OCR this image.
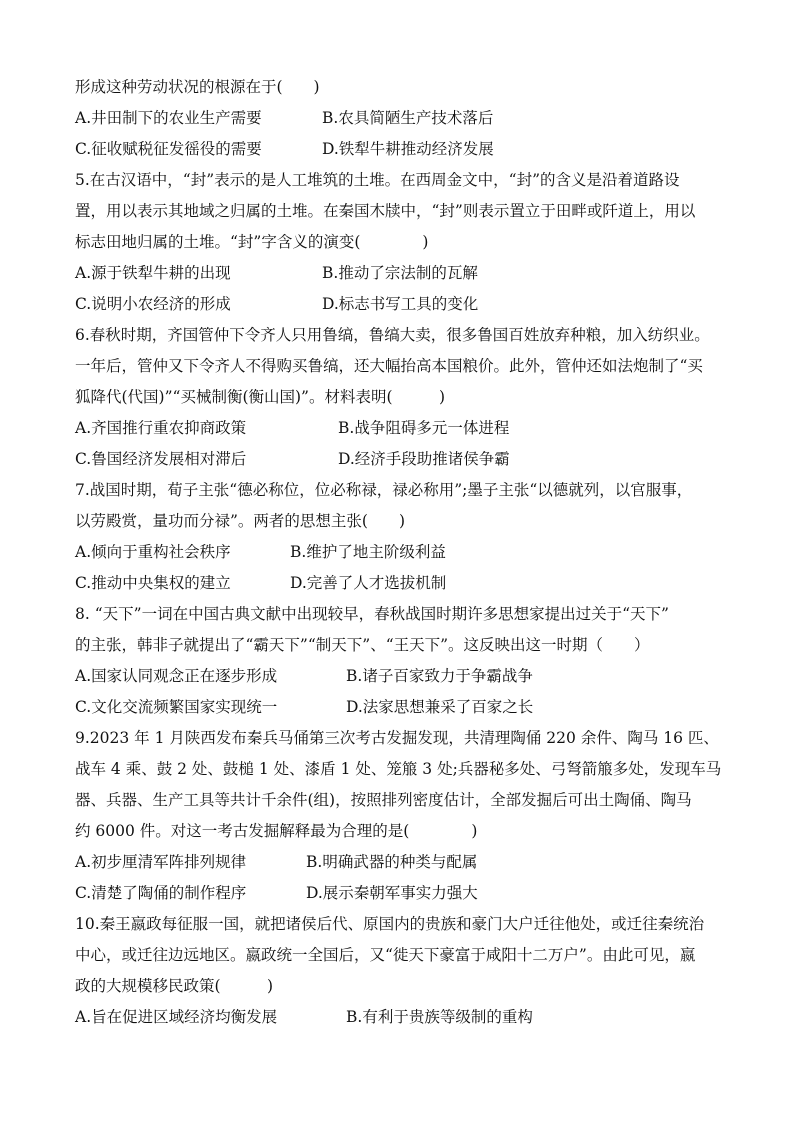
形成这种劳动状况的根源在于(　　)
A.井田制下的农业生产需要	B.农具简陋生产技术落后
C.征收赋税征发徭役的需要	D.铁犁牛耕推动经济发展
5.在古汉语中，“封”表示的是人工堆筑的土堆。在西周金文中，“封”的含义是沿着道路设
置，用以表示其地域之归属的土堆。在秦国木牍中，“封”则表示置立于田畔或阡道上，用以
标志田地归属的土堆。“封”字含义的演变(　　　　)
A.源于铁犁牛耕的出现	B.推动了宗法制的瓦解
C.说明小农经济的形成	D.标志书写工具的变化
6.春秋时期，齐国管仲下令齐人只用鲁缟，鲁缟大卖，很多鲁国百姓放弃种粮，加入纺织业。
一年后，管仲又下令齐人不得购买鲁缟，还大幅抬高本国粮价。此外，管仲还如法炮制了“买
狐降代(代国)”“买械制衡(衡山国)”。材料表明(　　　)
A.齐国推行重农抑商政策	B.战争阻碍多元一体进程
C.鲁国经济发展相对滞后	D.经济手段助推诸侯争霸
7.战国时期，荀子主张“德必称位，位必称禄，禄必称用”;墨子主张“以德就列，以官服事，
以劳殿赏，量功而分禄”。两者的思想主张(　　)
A.倾向于重构社会秩序	B.维护了地主阶级利益
C.推动中央集权的建立	D.完善了人才选拔机制
8. “天下”一词在中国古典文献中出现较早，春秋战国时期许多思想家提出过关于“天下”
的主张，韩非子就提出了“霸天下”“制天下”、“王天下”。这反映出这一时期（　　）
A.国家认同观念正在逐步形成	B.诸子百家致力于争霸战争
C.文化交流频繁国家实现统一	D.法家思想兼采了百家之长
9.2023 年 1 月陕西发布秦兵马俑第三次考古发掘发现，共清理陶俑 220 余件、陶马 16 匹、
战车 4 乘、鼓 2 处、鼓槌 1 处、漆盾 1 处、笼箙 3 处;兵器秘多处、弓弩箭箙多处，发现车马
器、兵器、生产工具等共计千余件(组)，按照排列密度估计，全部发掘后可出土陶俑、陶马
约 6000 件。对这一考古发掘解释最为合理的是(　　　　)
A.初步厘清军阵排列规律	B.明确武器的种类与配属
C.清楚了陶俑的制作程序	D.展示秦朝军事实力强大
10.秦王嬴政每征服一国，就把诸侯后代、原国内的贵族和豪门大户迁往他处，或迁往秦统治
中心，或迁往边远地区。嬴政统一全国后，又“徙天下豪富于咸阳十二万户”。由此可见，嬴
政的大规模移民政策(　　　)
A.旨在促进区域经济均衡发展	B.有利于贵族等级制的重构
